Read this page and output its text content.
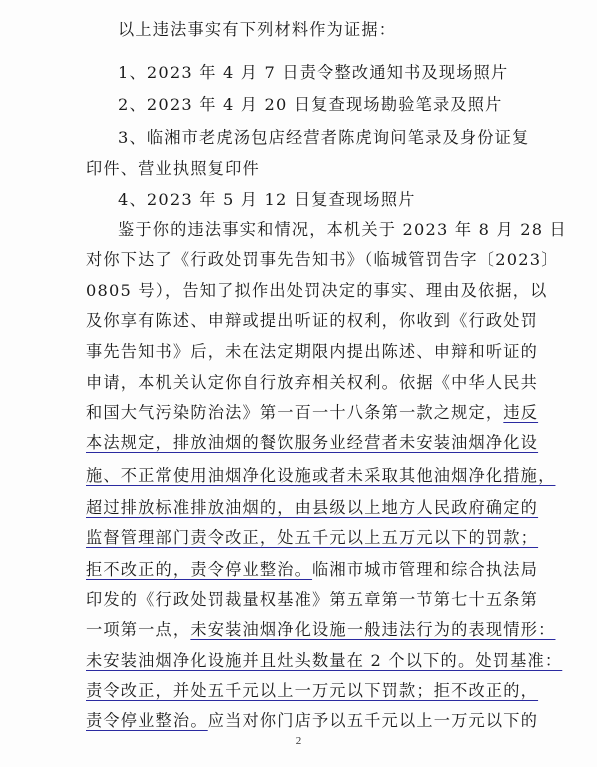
以上违法事实有下列材料作为证据：
1、2023 年 4 月 7 日责令整改通知书及现场照片
2、2023 年 4 月 20 日复查现场勘验笔录及照片
3、临湘市老虎汤包店经营者陈虎询问笔录及身份证复
印件、营业执照复印件
4、2023 年 5 月 12 日复查现场照片
鉴于你的违法事实和情况，本机关于 2023 年 8 月 28 日
对你下达了《行政处罚事先告知书》（临城管罚告字〔2023〕
0805 号），告知了拟作出处罚决定的事实、理由及依据，以
及你享有陈述、申辩或提出听证的权利，你收到《行政处罚
事先告知书》后，未在法定期限内提出陈述、申辩和听证的
申请，本机关认定你自行放弃相关权利。依据《中华人民共
和国大气污染防治法》第一百一十八条第一款之规定，违反
本法规定，排放油烟的餐饮服务业经营者未安装油烟净化设
施、不正常使用油烟净化设施或者未采取其他油烟净化措施，
超过排放标准排放油烟的，由县级以上地方人民政府确定的
监督管理部门责令改正，处五千元以上五万元以下的罚款；
拒不改正的，责令停业整治。临湘市城市管理和综合执法局
印发的《行政处罚裁量权基准》第五章第一节第七十五条第
一项第一点，未安装油烟净化设施一般违法行为的表现情形：
未安装油烟净化设施并且灶头数量在 2 个以下的。处罚基准：
责令改正，并处五千元以上一万元以下罚款；拒不改正的，
责令停业整治。应当对你门店予以五千元以上一万元以下的
2
